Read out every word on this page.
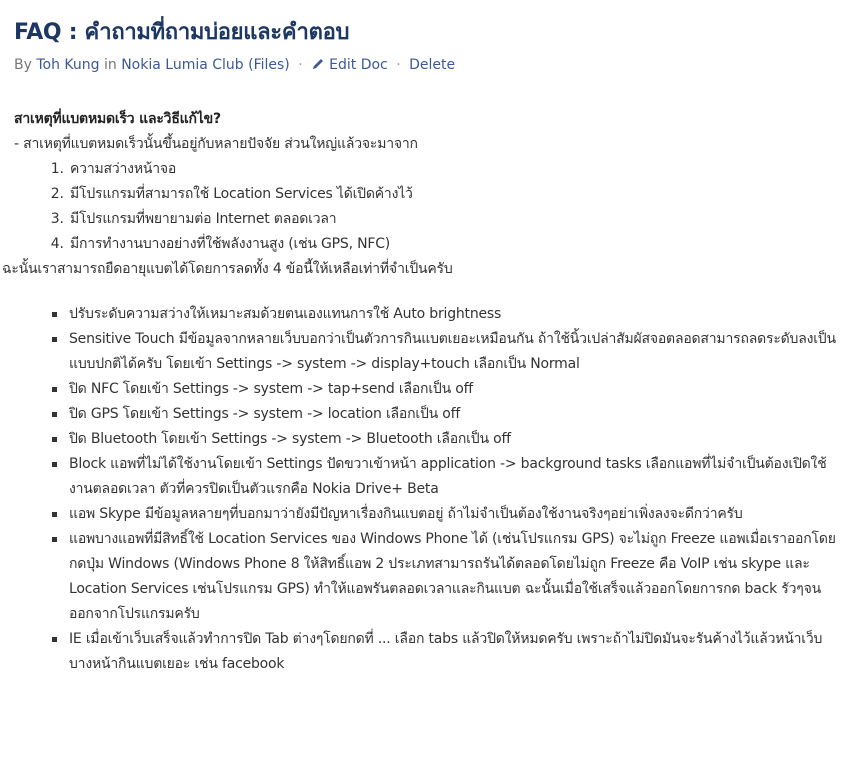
FAQ : คำถามที่ถามบ่อยและคำตอบ
By Toh Kung in Nokia Lumia Club (Files) · Edit Doc · Delete
สาเหตุที่แบตหมดเร็ว และวิธีแก้ไข?
- สาเหตุที่แบตหมดเร็วนั้นขึ้นอยู่กับหลายปัจจัย ส่วนใหญ่แล้วจะมาจาก
1. ความสว่างหน้าจอ
2. มีโปรแกรมที่สามารถใช้ Location Services ได้เปิดค้างไว้
3. มีโปรแกรมที่พยายามต่อ Internet ตลอดเวลา
4. มีการทำงานบางอย่างที่ใช้พลังงานสูง (เช่น GPS, NFC)
ฉะนั้นเราสามารถยืดอายุแบตได้โดยการลดทั้ง 4 ข้อนี้ให้เหลือเท่าที่จำเป็นครับ
ปรับระดับความสว่างให้เหมาะสมด้วยตนเองแทนการใช้ Auto brightness
Sensitive Touch มีข้อมูลจากหลายเว็บบอกว่าเป็นตัวการกินแบตเยอะเหมือนกัน ถ้าใช้นิ้วเปล่าสัมผัสจอตลอดสามารถลดระดับลงเป็นแบบปกติได้ครับ โดยเข้า Settings -> system -> display+touch เลือกเป็น Normal
ปิด NFC โดยเข้า Settings -> system -> tap+send เลือกเป็น off
ปิด GPS โดยเข้า Settings -> system -> location เลือกเป็น off
ปิด Bluetooth โดยเข้า Settings -> system -> Bluetooth เลือกเป็น off
Block แอพที่ไม่ได้ใช้งานโดยเข้า Settings ปัดขวาเข้าหน้า application -> background tasks เลือกแอพที่ไม่จำเป็นต้องเปิดใช้งานตลอดเวลา ตัวที่ควรปิดเป็นตัวแรกคือ Nokia Drive+ Beta
แอพ Skype มีข้อมูลหลายๆที่บอกมาว่ายังมีปัญหาเรื่องกินแบตอยู่ ถ้าไม่จำเป็นต้องใช้งานจริงๆอย่าเพิ่งลงจะดีกว่าครับ
แอพบางแอพที่มีสิทธิ์ใช้ Location Services ของ Windows Phone ได้ (เช่นโปรแกรม GPS) จะไม่ถูก Freeze แอพเมื่อเราออกโดยกดปุ่ม Windows (Windows Phone 8 ให้สิทธิ์แอพ 2 ประเภทสามารถรันได้ตลอดโดยไม่ถูก Freeze คือ VoIP เช่น skype และ Location Services เช่นโปรแกรม GPS) ทำให้แอพรันตลอดเวลาและกินแบต ฉะนั้นเมื่อใช้เสร็จแล้วออกโดยการกด back รัวๆจนออกจากโปรแกรมครับ
IE เมื่อเข้าเว็บเสร็จแล้วทำการปิด Tab ต่างๆโดยกดที่ ... เลือก tabs แล้วปิดให้หมดครับ เพราะถ้าไม่ปิดมันจะรันค้างไว้แล้วหน้าเว็บบางหน้ากินแบตเยอะ เช่น facebook
